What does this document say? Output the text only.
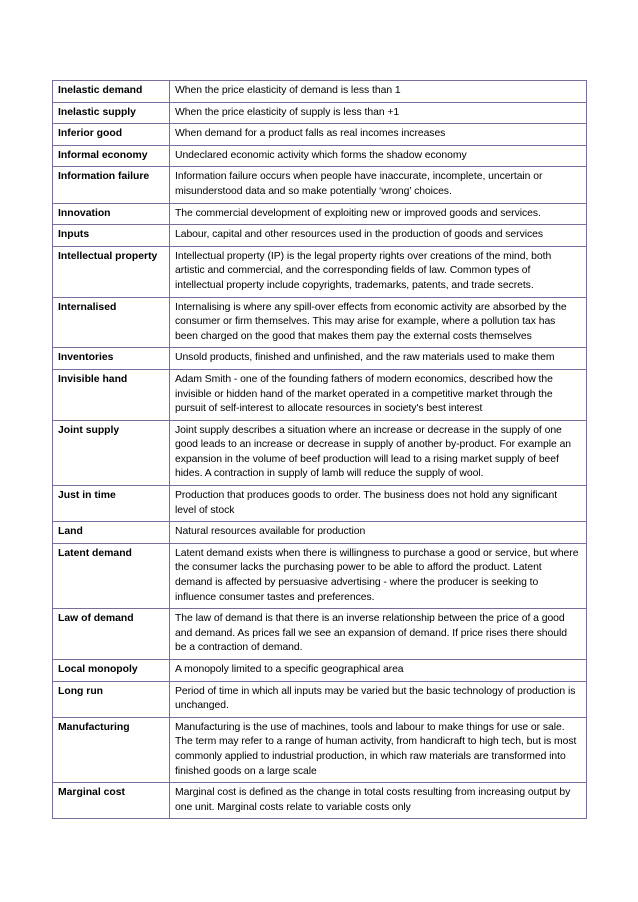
Inelastic demand	When the price elasticity of demand is less than 1
Inelastic supply	When the price elasticity of supply is less than +1
Inferior good	When demand for a product falls as real incomes increases
Informal economy	Undeclared economic activity which forms the shadow economy
Information failure	Information failure occurs when people have inaccurate, incomplete, uncertain or misunderstood data and so make potentially ‘wrong’ choices.
Innovation	The commercial development of exploiting new or improved goods and services.
Inputs	Labour, capital and other resources used in the production of goods and services
Intellectual property	Intellectual property (IP) is the legal property rights over creations of the mind, both artistic and commercial, and the corresponding fields of law. Common types of intellectual property include copyrights, trademarks, patents, and trade secrets.
Internalised	Internalising is where any spill-over effects from economic activity are absorbed by the consumer or firm themselves. This may arise for example, where a pollution tax has been charged on the good that makes them pay the external costs themselves
Inventories	Unsold products, finished and unfinished, and the raw materials used to make them
Invisible hand	Adam Smith - one of the founding fathers of modern economics, described how the invisible or hidden hand of the market operated in a competitive market through the pursuit of self-interest to allocate resources in society's best interest
Joint supply	Joint supply describes a situation where an increase or decrease in the supply of one good leads to an increase or decrease in supply of another by-product. For example an expansion in the volume of beef production will lead to a rising market supply of beef hides. A contraction in supply of lamb will reduce the supply of wool.
Just in time	Production that produces goods to order. The business does not hold any significant level of stock
Land	Natural resources available for production
Latent demand	Latent demand exists when there is willingness to purchase a good or service, but where the consumer lacks the purchasing power to be able to afford the product. Latent demand is affected by persuasive advertising - where the producer is seeking to influence consumer tastes and preferences.
Law of demand	The law of demand is that there is an inverse relationship between the price of a good and demand. As prices fall we see an expansion of demand. If price rises there should be a contraction of demand.
Local monopoly	A monopoly limited to a specific geographical area
Long run	Period of time in which all inputs may be varied but the basic technology of production is unchanged.
Manufacturing	Manufacturing is the use of machines, tools and labour to make things for use or sale. The term may refer to a range of human activity, from handicraft to high tech, but is most commonly applied to industrial production, in which raw materials are transformed into finished goods on a large scale
Marginal cost	Marginal cost is defined as the change in total costs resulting from increasing output by one unit. Marginal costs relate to variable costs only
